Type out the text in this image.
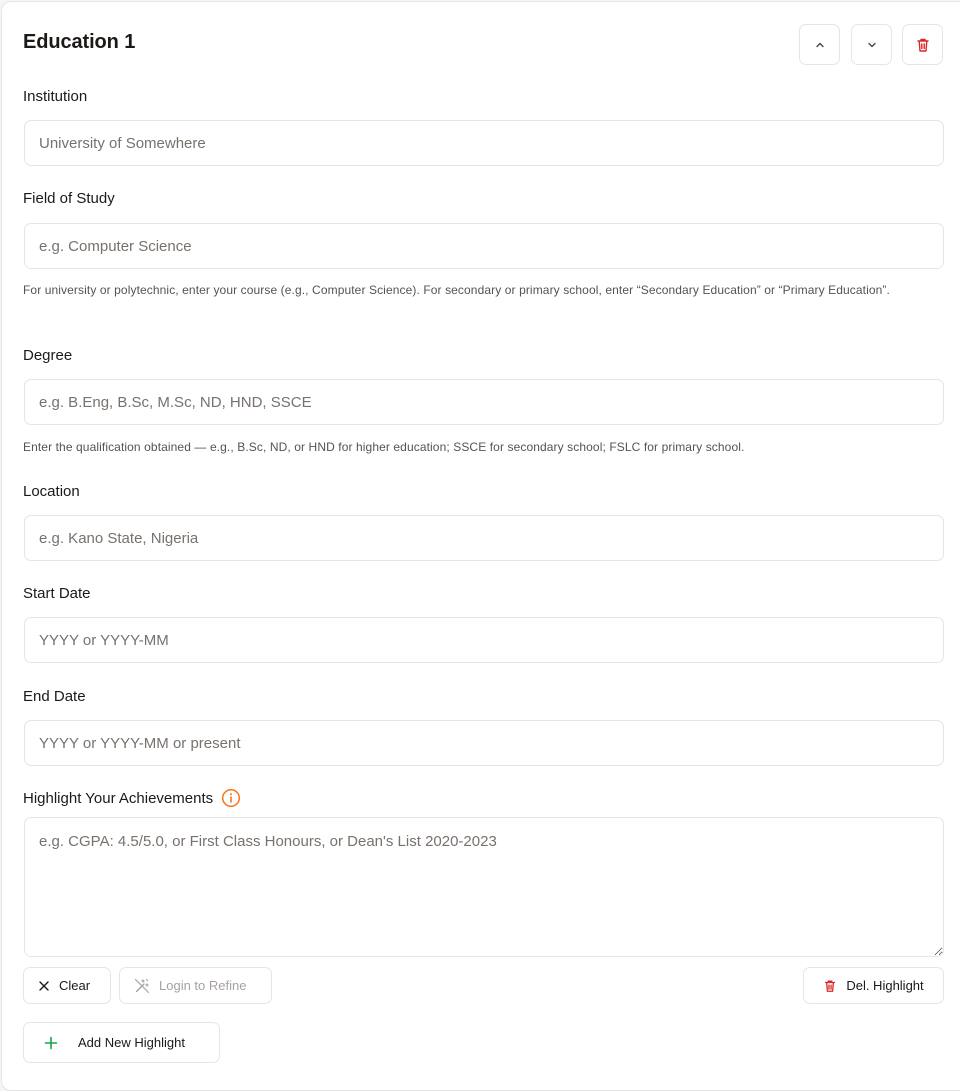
Education 1
Institution
University of Somewhere
Field of Study
e.g. Computer Science
For university or polytechnic, enter your course (e.g., Computer Science). For secondary or primary school, enter “Secondary Education” or “Primary Education”.
Degree
e.g. B.Eng, B.Sc, M.Sc, ND, HND, SSCE
Enter the qualification obtained — e.g., B.Sc, ND, or HND for higher education; SSCE for secondary school; FSLC for primary school.
Location
e.g. Kano State, Nigeria
Start Date
YYYY or YYYY-MM
End Date
YYYY or YYYY-MM or present
Highlight Your Achievements
e.g. CGPA: 4.5/5.0, or First Class Honours, or Dean's List 2020-2023
Clear	Login to Refine	Del. Highlight
Add New Highlight
